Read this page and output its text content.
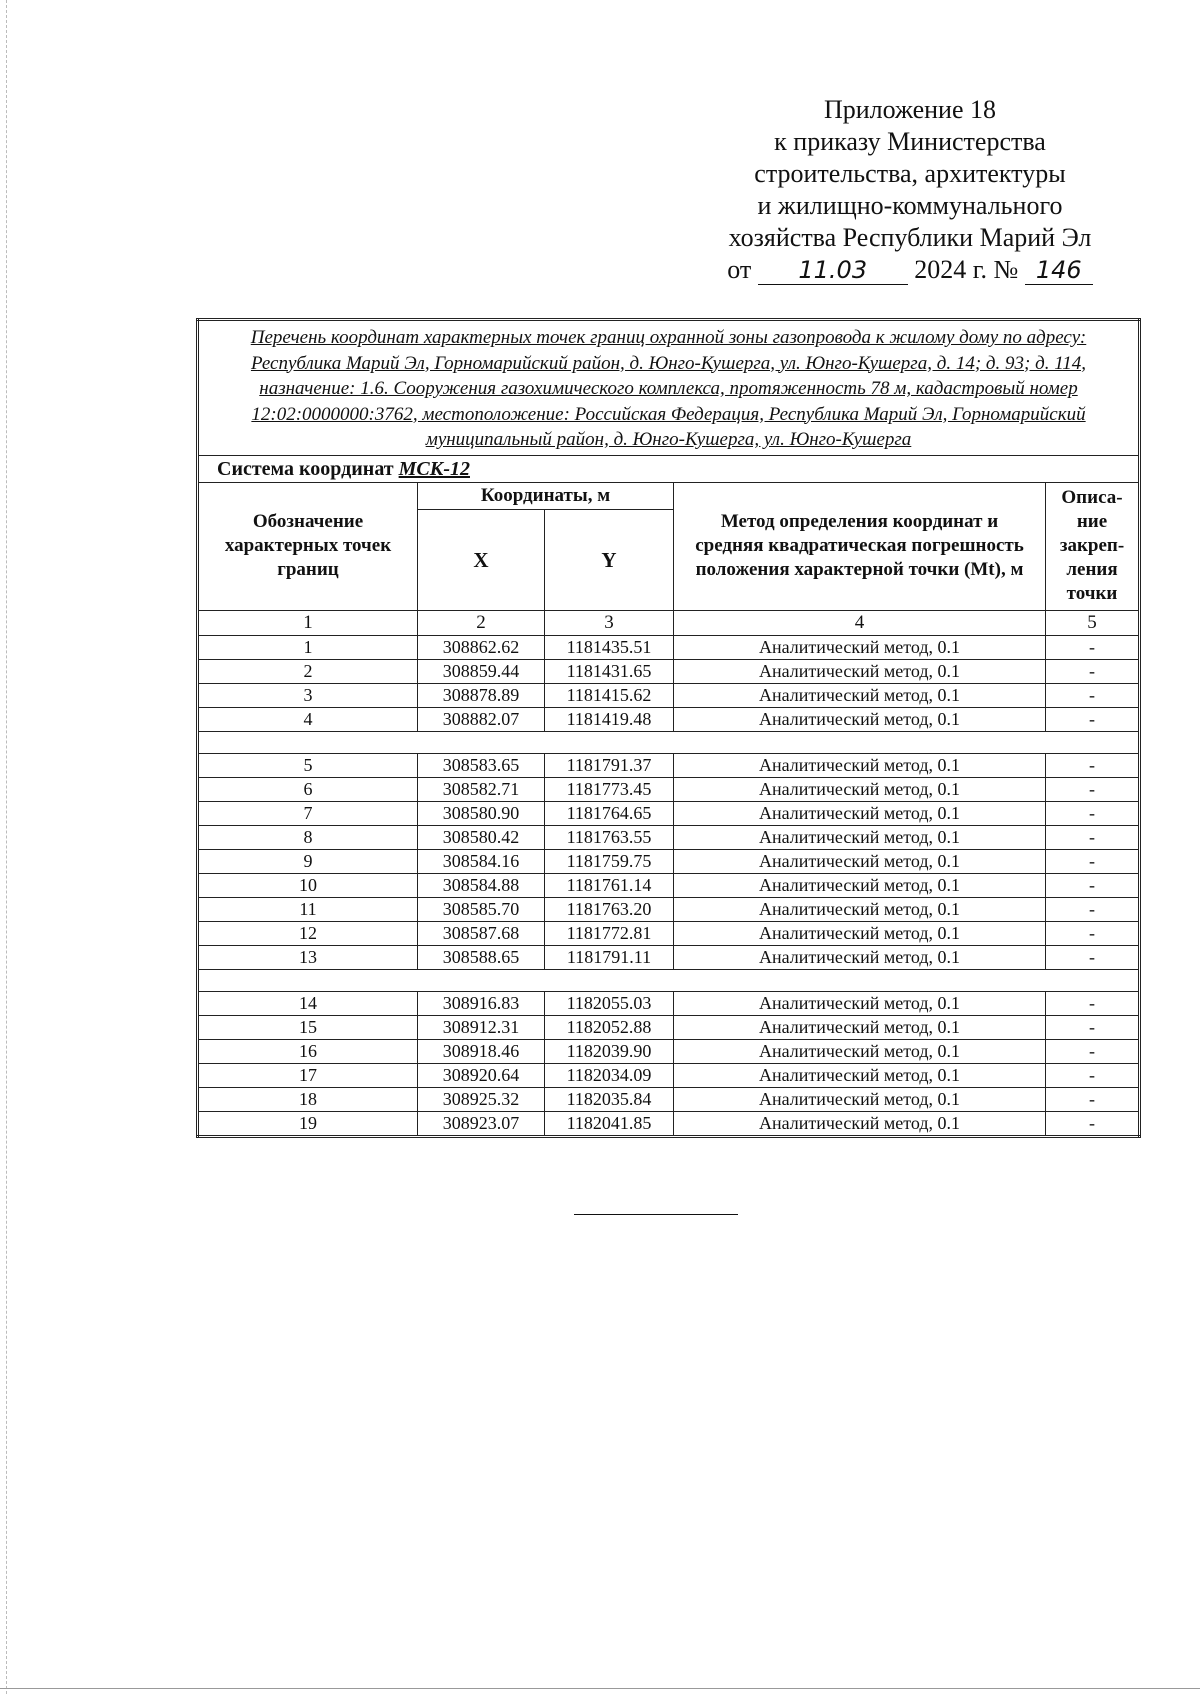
Приложение 18
к приказу Министерства
строительства, архитектуры
и жилищно-коммунального
хозяйства Республики Марий Эл
от 11.03 2024 г. № 146
Перечень координат характерных точек границ охранной зоны газопровода к жилому дому по адресу: Республика Марий Эл, Горномарийский район, д. Юнго-Кушерга, ул. Юнго-Кушерга, д. 14; д. 93; д. 114, назначение: 1.6. Сооружения газохимического комплекса, протяженность 78 м, кадастровый номер 12:02:0000000:3762, местоположение: Российская Федерация, Республика Марий Эл, Горномарийский муниципальный район, д. Юнго-Кушерга, ул. Юнго-Кушерга				
Система координат МСК-12				
Обозначение характерных точек границ	Координаты, м		Метод определения координат и средняя квадратическая погрешность положения характерной точки (Mt), м	Описа-ние закреп-ления точки
	X	Y		
1	2	3	4	5
1	308862.62	1181435.51	Аналитический метод, 0.1	-
2	308859.44	1181431.65	Аналитический метод, 0.1	-
3	308878.89	1181415.62	Аналитический метод, 0.1	-
4	308882.07	1181419.48	Аналитический метод, 0.1	-

5	308583.65	1181791.37	Аналитический метод, 0.1	-
6	308582.71	1181773.45	Аналитический метод, 0.1	-
7	308580.90	1181764.65	Аналитический метод, 0.1	-
8	308580.42	1181763.55	Аналитический метод, 0.1	-
9	308584.16	1181759.75	Аналитический метод, 0.1	-
10	308584.88	1181761.14	Аналитический метод, 0.1	-
11	308585.70	1181763.20	Аналитический метод, 0.1	-
12	308587.68	1181772.81	Аналитический метод, 0.1	-
13	308588.65	1181791.11	Аналитический метод, 0.1	-

14	308916.83	1182055.03	Аналитический метод, 0.1	-
15	308912.31	1182052.88	Аналитический метод, 0.1	-
16	308918.46	1182039.90	Аналитический метод, 0.1	-
17	308920.64	1182034.09	Аналитический метод, 0.1	-
18	308925.32	1182035.84	Аналитический метод, 0.1	-
19	308923.07	1182041.85	Аналитический метод, 0.1	-
